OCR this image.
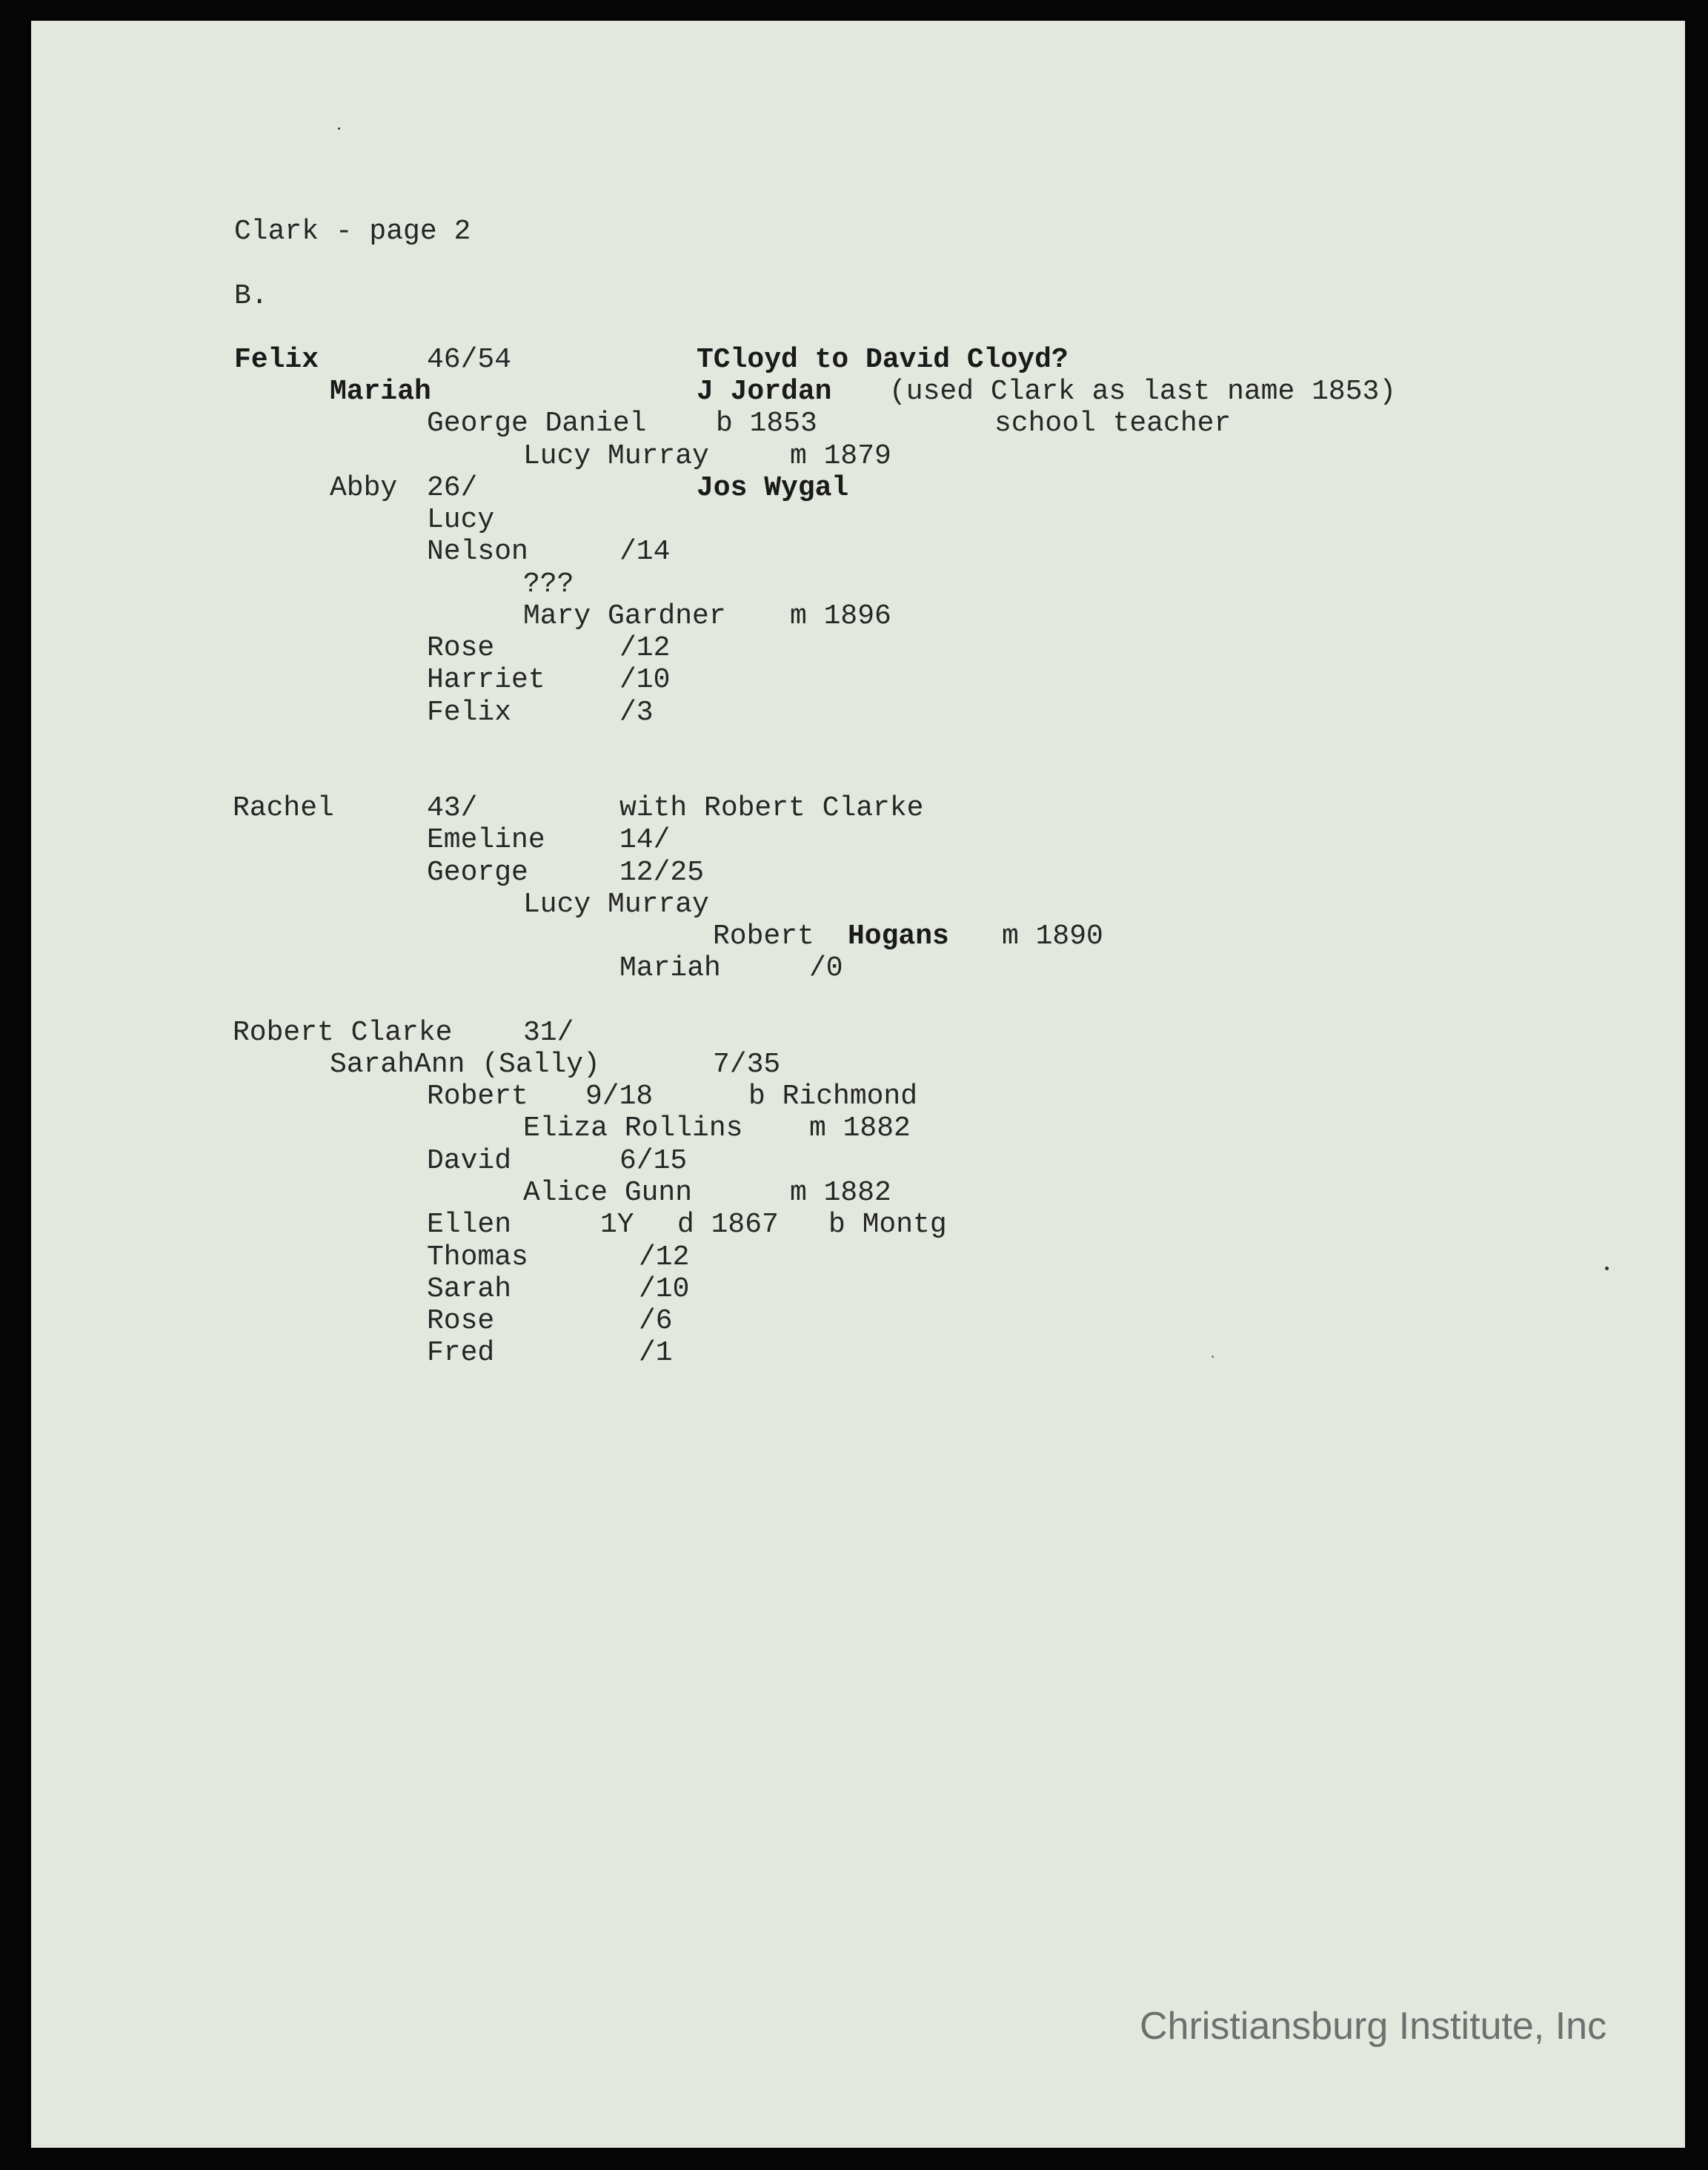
Clark - page 2
B.
Felix	46/54	TCloyd to David Cloyd?
Mariah	J Jordan (used Clark as last name 1853)
George Daniel b 1853	school teacher
Lucy Murray	m 1879
Abby 26/	Jos Wygal
Lucy
Nelson	/14
???
Mary Gardner m 1896
Rose	/12
Harriet	/10
Felix	/3
Rachel	43/	with Robert Clarke
Emeline	14/
George	12/25
Lucy Murray
Robert Hogans m 1890
Mariah	/0
Robert Clarke	31/
SarahAnn (Sally)	7/35
Robert 9/18	b Richmond
Eliza Rollins m 1882
David	6/15
Alice Gunn	m 1882
Ellen	1Y d 1867 b Montg
Thomas	/12
Sarah	/10
Rose	/6
Fred	/1
Christiansburg Institute, Inc
